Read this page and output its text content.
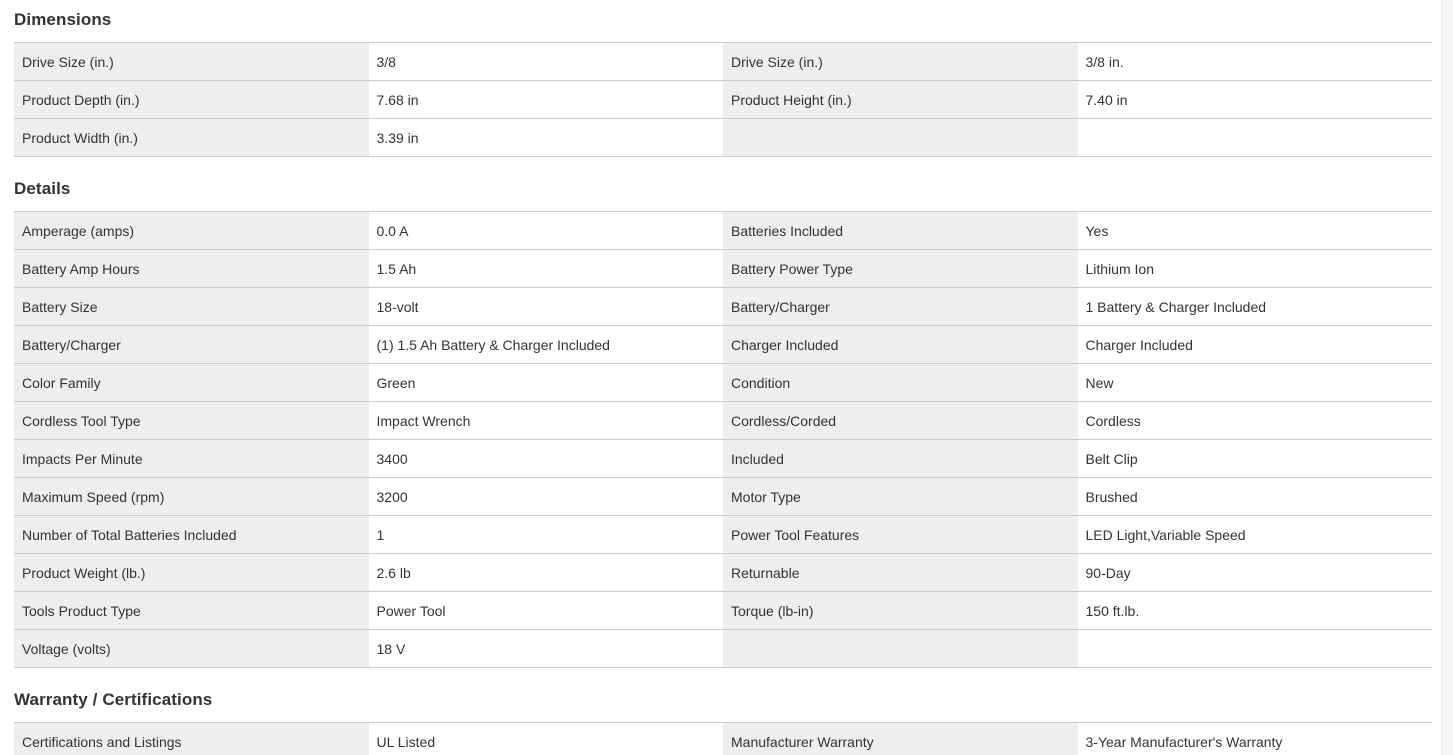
Dimensions
Drive Size (in.)	3/8	Drive Size (in.)	3/8 in.
Product Depth (in.)	7.68 in	Product Height (in.)	7.40 in
Product Width (in.)	3.39 in
Details
Amperage (amps)	0.0 A	Batteries Included	Yes
Battery Amp Hours	1.5 Ah	Battery Power Type	Lithium Ion
Battery Size	18-volt	Battery/Charger	1 Battery & Charger Included
Battery/Charger	(1) 1.5 Ah Battery & Charger Included	Charger Included	Charger Included
Color Family	Green	Condition	New
Cordless Tool Type	Impact Wrench	Cordless/Corded	Cordless
Impacts Per Minute	3400	Included	Belt Clip
Maximum Speed (rpm)	3200	Motor Type	Brushed
Number of Total Batteries Included	1	Power Tool Features	LED Light,Variable Speed
Product Weight (lb.)	2.6 lb	Returnable	90-Day
Tools Product Type	Power Tool	Torque (lb-in)	150 ft.lb.
Voltage (volts)	18 V
Warranty / Certifications
Certifications and Listings	UL Listed	Manufacturer Warranty	3-Year Manufacturer's Warranty
